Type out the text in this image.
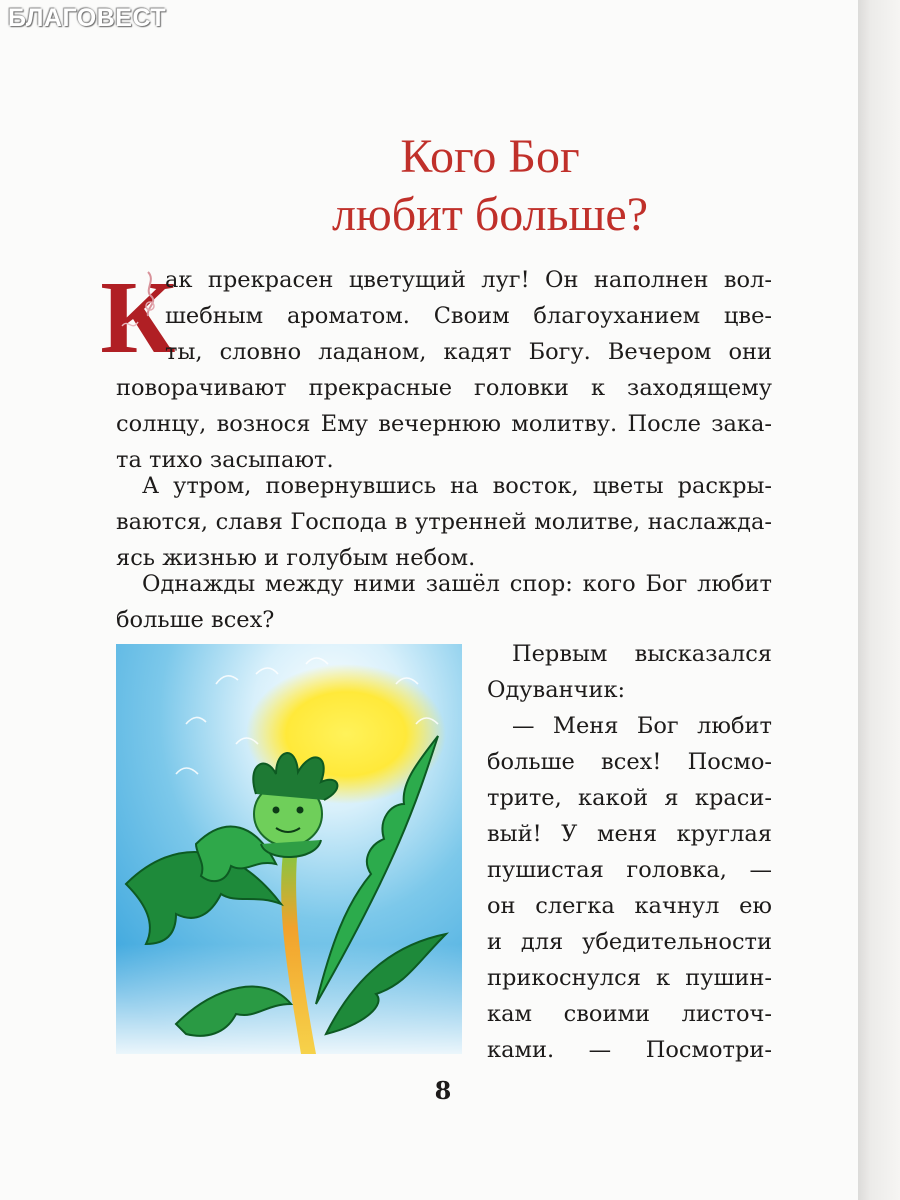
БЛАГОВЕСТ
Кого Бог
любит больше?
К
ак прекрасен цветущий луг! Он наполнен вол-
шебным ароматом. Своим благоуханием цве-
ты, словно ладаном, кадят Богу. Вечером они
поворачивают прекрасные головки к заходящему
солнцу, вознося Ему вечернюю молитву. После зака-
та тихо засыпают.
А утром, повернувшись на восток, цветы раскры-
ваются, славя Господа в утренней молитве, наслажда-
ясь жизнью и голубым небом.
Однажды между ними зашёл спор: кого Бог любит
больше всех?
Первым высказался
Одуванчик:
— Меня Бог любит
больше всех! Посмо-
трите, какой я краси-
вый! У меня круглая
пушистая головка, —
он слегка качнул ею
и для убедительности
прикоснулся к пушин-
кам своими листоч-
ками. — Посмотри-
8
